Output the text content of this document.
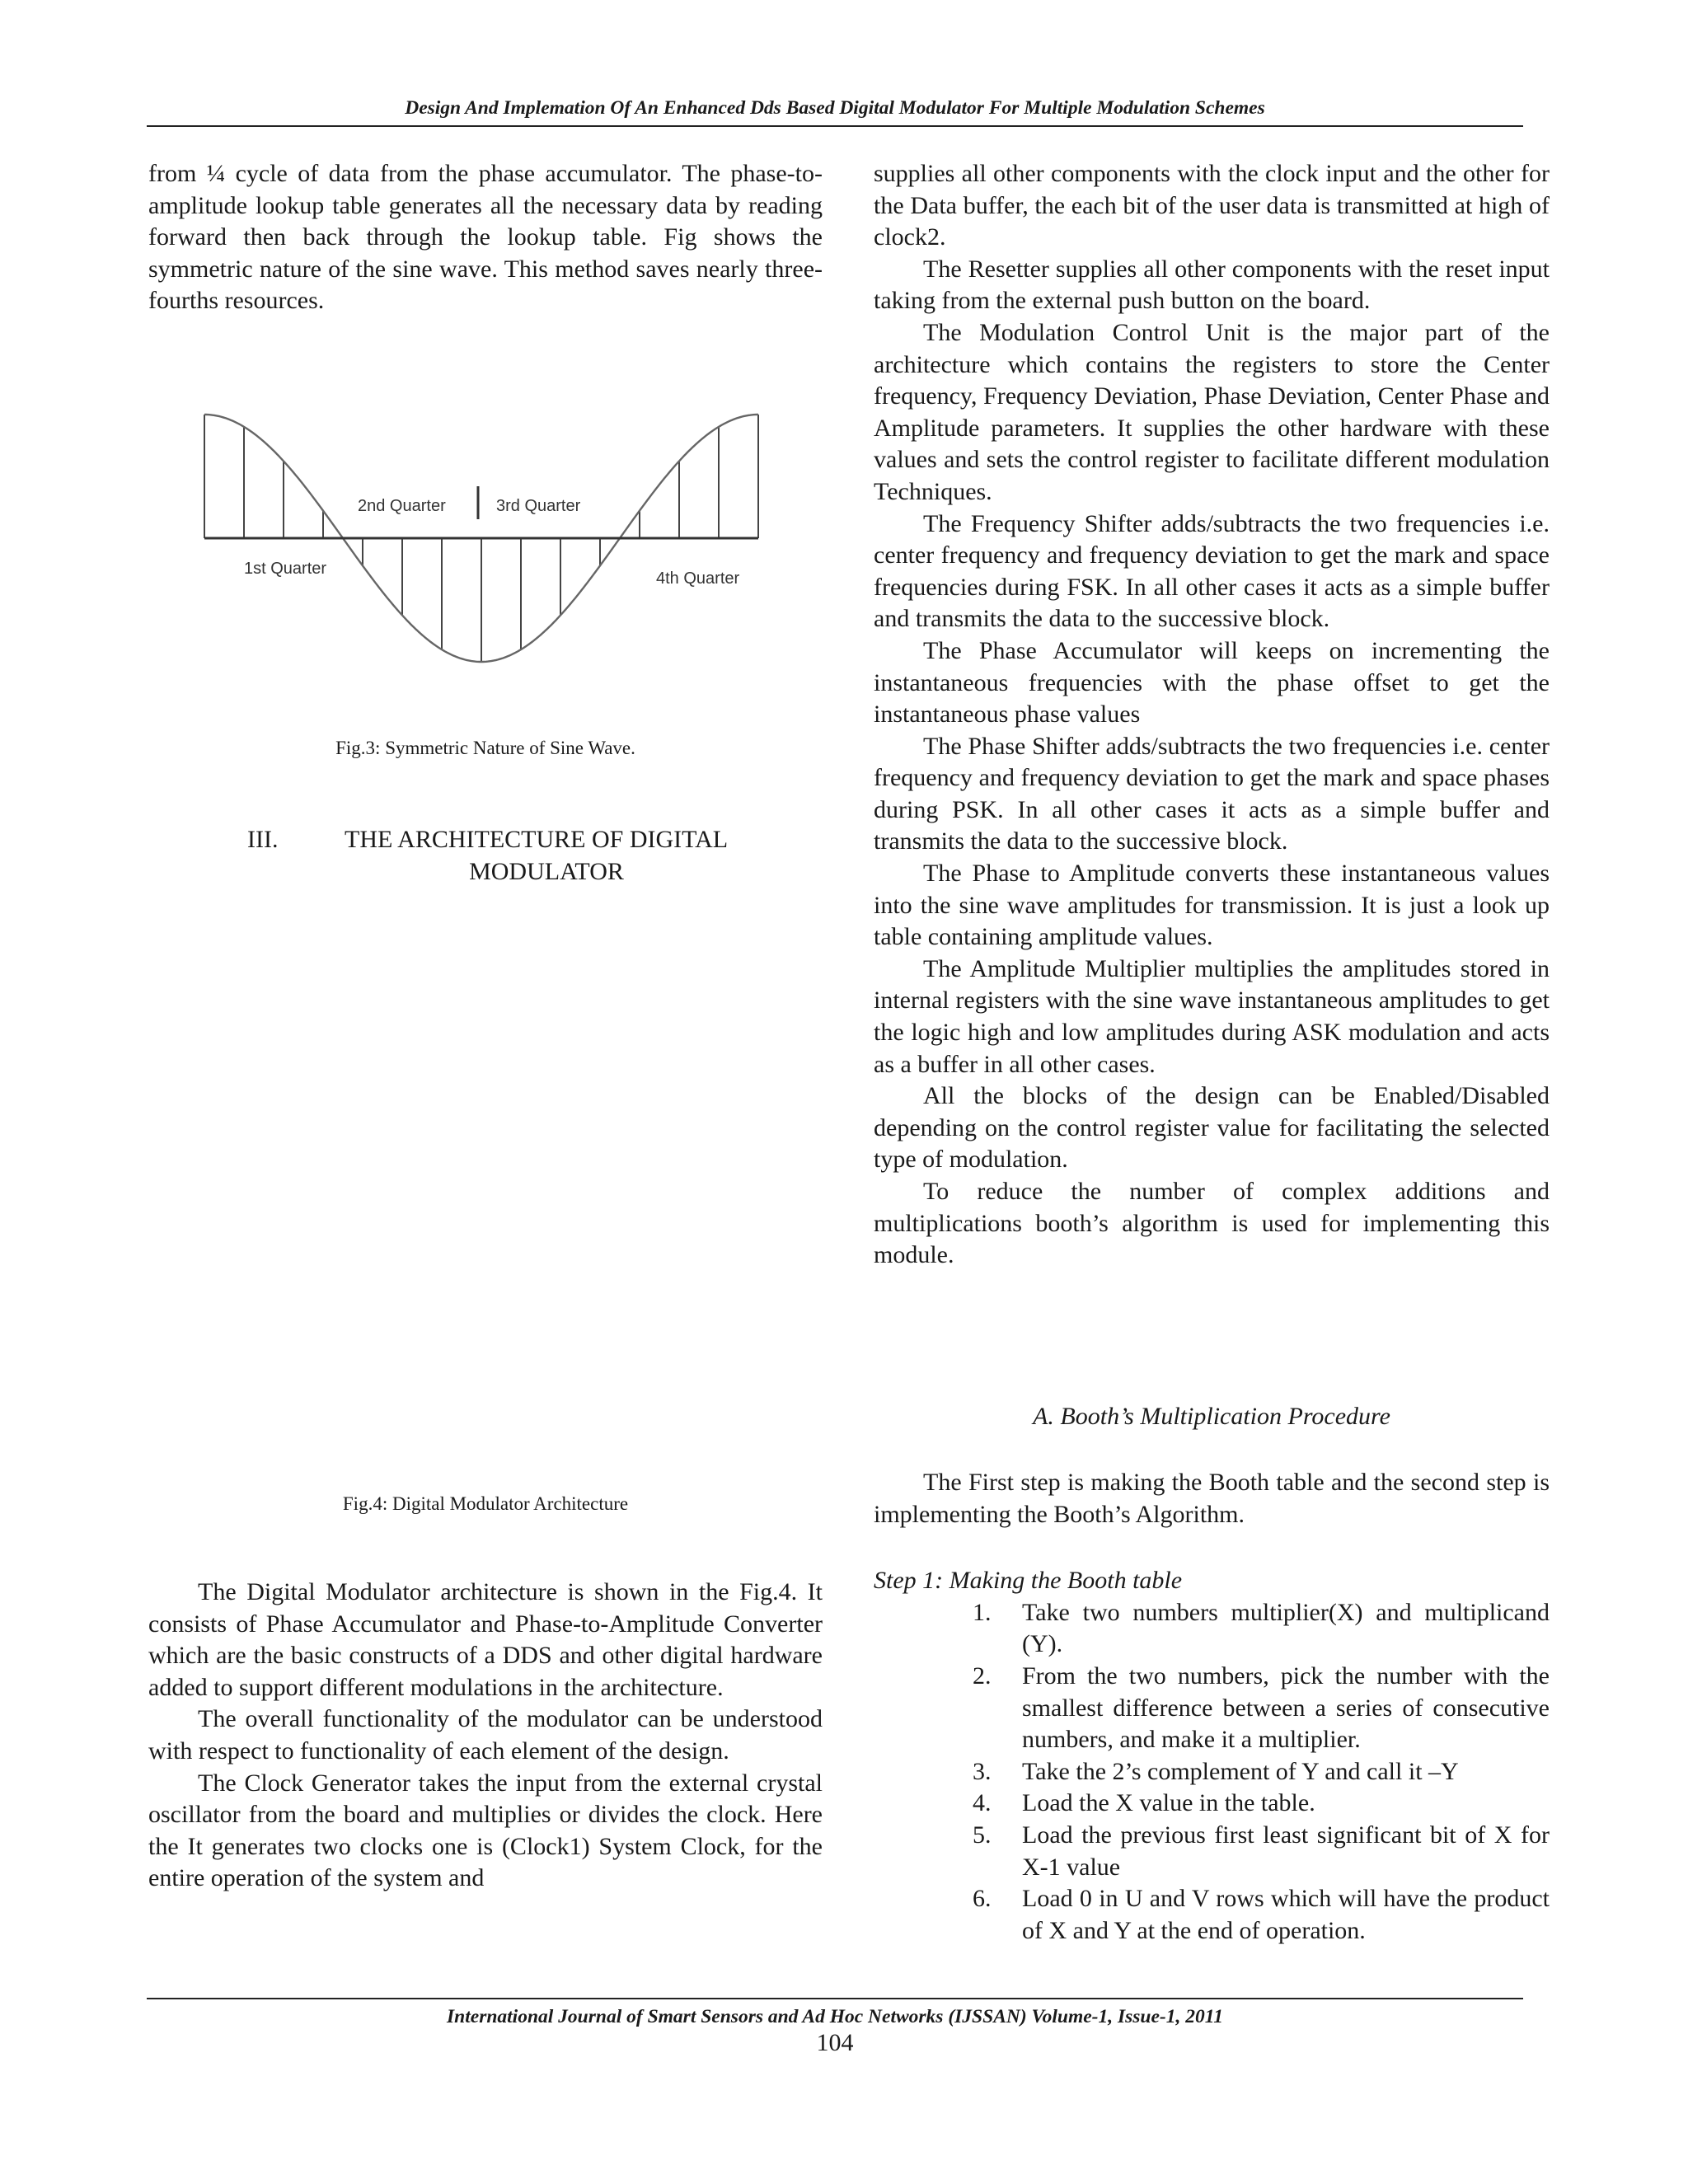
Design And Implemation Of An Enhanced Dds Based Digital Modulator For Multiple Modulation Schemes

from ¼ cycle of data from the phase accumulator. The phase-to-amplitude lookup table generates all the necessary data by reading forward then back through the lookup table. Fig shows the symmetric nature of the sine wave. This method saves nearly three-fourths resources.

1st Quarter
2nd Quarter	3rd Quarter
4th Quarter
Fig.3: Symmetric Nature of Sine Wave.
III.	THE ARCHITECTURE OF DIGITAL
MODULATOR
Fig.4: Digital Modulator Architecture

The Digital Modulator architecture is shown in the Fig.4. It consists of Phase Accumulator and Phase-to-Amplitude Converter which are the basic constructs of a DDS and other digital hardware added to support different modulations in the architecture.

The overall functionality of the modulator can be understood with respect to functionality of each element of the design.

The Clock Generator takes the input from the external crystal oscillator from the board and multiplies or divides the clock. Here the It generates two clocks one is (Clock1) System Clock, for the entire operation of the system and

supplies all other components with the clock input and the other for the Data buffer, the each bit of the user data is transmitted at high of clock2.

The Resetter supplies all other components with the reset input taking from the external push button on the board.

The Modulation Control Unit is the major part of the architecture which contains the registers to store the Center frequency, Frequency Deviation, Phase Deviation, Center Phase and Amplitude parameters. It supplies the other hardware with these values and sets the control register to facilitate different modulation Techniques.

The Frequency Shifter adds/subtracts the two frequencies i.e. center frequency and frequency deviation to get the mark and space frequencies during FSK. In all other cases it acts as a simple buffer and transmits the data to the successive block.

The Phase Accumulator will keeps on incrementing the instantaneous frequencies with the phase offset to get the instantaneous phase values

The Phase Shifter adds/subtracts the two frequencies i.e. center frequency and frequency deviation to get the mark and space phases during PSK. In all other cases it acts as a simple buffer and transmits the data to the successive block.

The Phase to Amplitude converts these instantaneous values into the sine wave amplitudes for transmission. It is just a look up table containing amplitude values.

The Amplitude Multiplier multiplies the amplitudes stored in internal registers with the sine wave instantaneous amplitudes to get the logic high and low amplitudes during ASK modulation and acts as a buffer in all other cases.

All the blocks of the design can be Enabled/Disabled depending on the control register value for facilitating the selected type of modulation.

To reduce the number of complex additions and multiplications booth’s algorithm is used for implementing this module.

A. Booth’s Multiplication Procedure

The First step is making the Booth table and the second step is implementing the Booth’s Algorithm.

Step 1: Making the Booth table

1. Take two numbers multiplier(X) and multiplicand (Y).
2. From the two numbers, pick the number with the smallest difference between a series of consecutive numbers, and make it a multiplier.
3. Take the 2’s complement of Y and call it –Y
4. Load the X value in the table.
5. Load the previous first least significant bit of X for X-1 value
6. Load 0 in U and V rows which will have the product of X and Y at the end of operation.
International Journal of Smart Sensors and Ad Hoc Networks (IJSSAN) Volume-1, Issue-1, 2011
104
